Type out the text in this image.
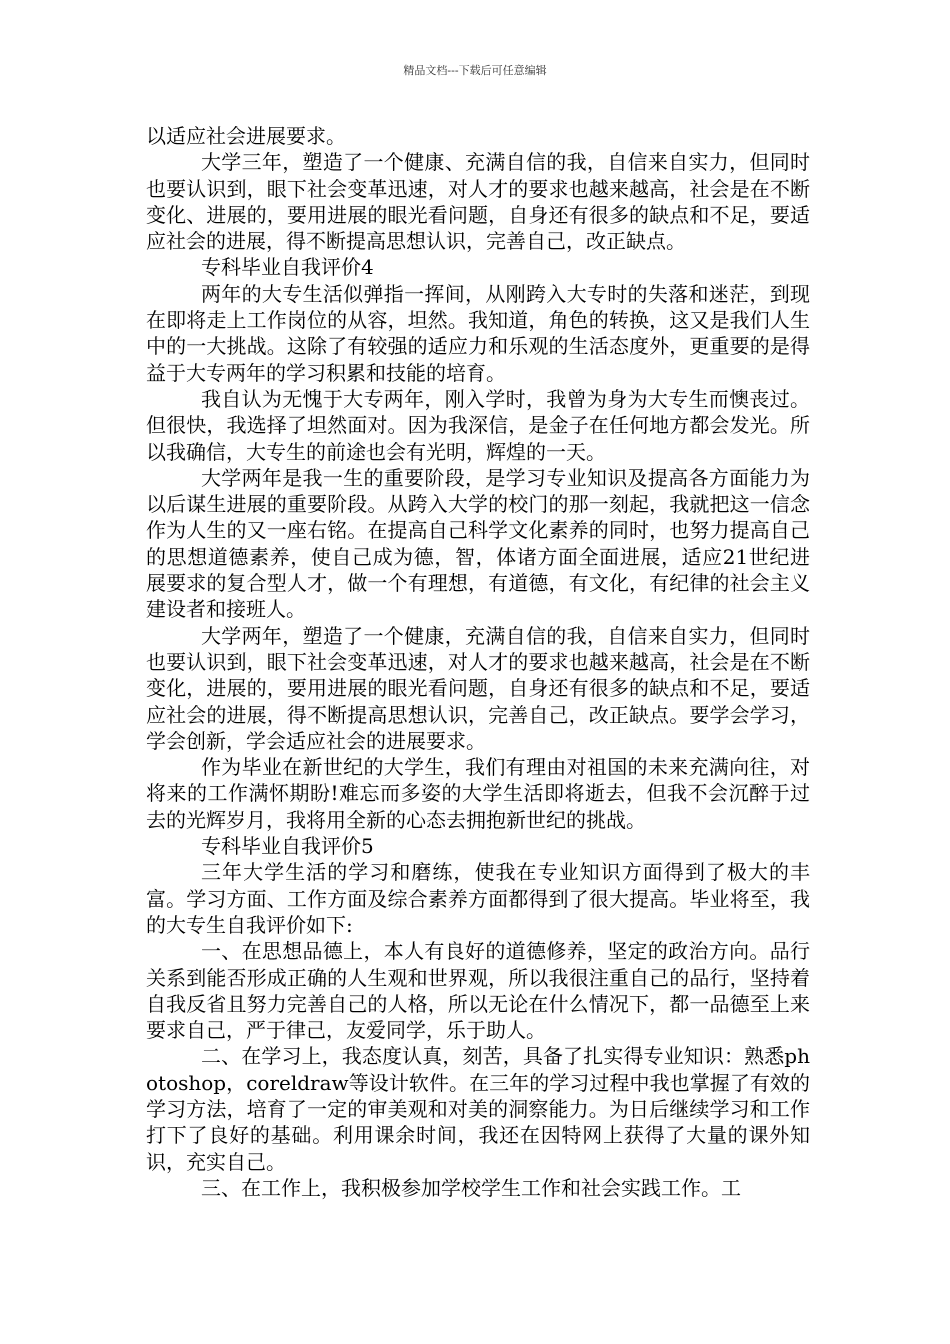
精品文档---下载后可任意编辑

以适应社会进展要求。

大学三年，塑造了一个健康、充满自信的我，自信来自实力，但同时也要认识到，眼下社会变革迅速，对人才的要求也越来越高，社会是在不断变化、进展的，要用进展的眼光看问题，自身还有很多的缺点和不足，要适应社会的进展，得不断提高思想认识，完善自己，改正缺点。

专科毕业自我评价4

两年的大专生活似弹指一挥间，从刚跨入大专时的失落和迷茫，到现在即将走上工作岗位的从容，坦然。我知道，角色的转换，这又是我们人生中的一大挑战。这除了有较强的适应力和乐观的生活态度外，更重要的是得益于大专两年的学习积累和技能的培育。

我自认为无愧于大专两年，刚入学时，我曾为身为大专生而懊丧过。但很快，我选择了坦然面对。因为我深信，是金子在任何地方都会发光。所以我确信，大专生的前途也会有光明，辉煌的一天。

大学两年是我一生的重要阶段，是学习专业知识及提高各方面能力为以后谋生进展的重要阶段。从跨入大学的校门的那一刻起，我就把这一信念作为人生的又一座右铭。在提高自己科学文化素养的同时，也努力提高自己的思想道德素养，使自己成为德，智，体诸方面全面进展，适应21世纪进展要求的复合型人才，做一个有理想，有道德，有文化，有纪律的社会主义建设者和接班人。

大学两年，塑造了一个健康，充满自信的我，自信来自实力，但同时也要认识到，眼下社会变革迅速，对人才的要求也越来越高，社会是在不断变化，进展的，要用进展的眼光看问题，自身还有很多的缺点和不足，要适应社会的进展，得不断提高思想认识，完善自己，改正缺点。要学会学习，学会创新，学会适应社会的进展要求。

作为毕业在新世纪的大学生，我们有理由对祖国的未来充满向往，对将来的工作满怀期盼!难忘而多姿的大学生活即将逝去，但我不会沉醉于过去的光辉岁月，我将用全新的心态去拥抱新世纪的挑战。

专科毕业自我评价5

三年大学生活的学习和磨练，使我在专业知识方面得到了极大的丰富。学习方面、工作方面及综合素养方面都得到了很大提高。毕业将至，我的大专生自我评价如下:

一、在思想品德上，本人有良好的道德修养，坚定的政治方向。品行关系到能否形成正确的人生观和世界观，所以我很注重自己的品行，坚持着自我反省且努力完善自己的人格，所以无论在什么情况下，都一品德至上来要求自己，严于律己，友爱同学，乐于助人。

二、在学习上，我态度认真，刻苦，具备了扎实得专业知识：熟悉photoshop，coreldraw等设计软件。在三年的学习过程中我也掌握了有效的学习方法，培育了一定的审美观和对美的洞察能力。为日后继续学习和工作打下了良好的基础。利用课余时间，我还在因特网上获得了大量的课外知识，充实自己。

三、在工作上，我积极参加学校学生工作和社会实践工作。工
